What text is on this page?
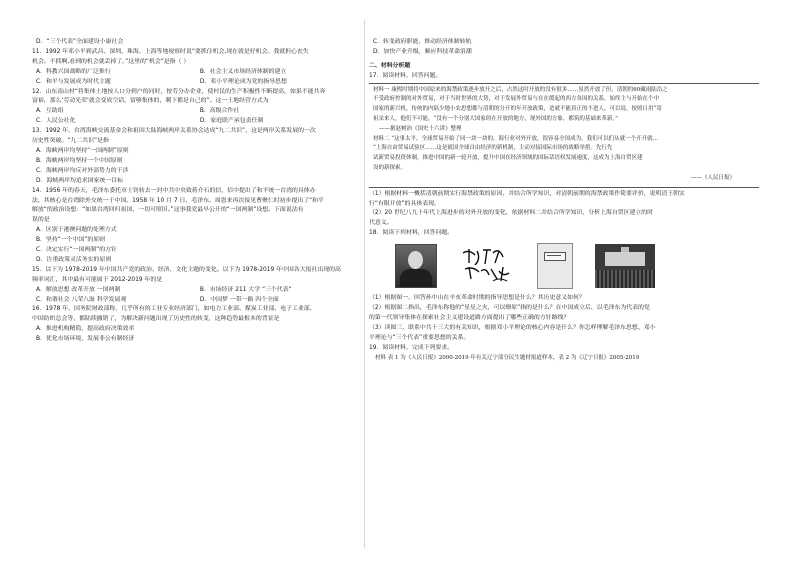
D．“三个代表”全面建设小康社会
11．1992 年邓小平到武昌、深圳、珠海、上海等地视察时说“要抓住机会,现在就是好机会。我就担心丧失
机会。不抓啊,看到的机会就丢掉了。”这里的“机会”是指（ ）
A．科教兴国战略的广泛推行	B．社会主义市场经济体制的建立
C．和平与发展成为时代主题	D．邓小平理论成为党的指导思想
12．山东南山村“将集体土地按人口分到户的同时，按劳分办企业，使村民的生产积极性不断提高，如果不能共奔
富裕，那么‘劳动光荣’就会变成空话，留够集体的，剩下都是自己的”。这一土地经营方式为
A．互助组	B．高级合作社
C．人民公社化	D．家庭联产承包责任制
13．1992 年，台湾海峡交流基金会和祖国大陆海峡两岸关系协会达成“九二共识”，这是两岸关系发展的一次
历史性突破。“九二共识”是指
A．海峡两岸均坚持“一国两制”原则
B．海峡两岸均坚持一个中国原则
C．海峡两岸均反对外部势力的干涉
D．海峡两岸均追求国家统一目标
14．1956 年的春天，毛泽东委托章士钊转去一封中共中央致蒋介石的信，信中提出了和平统一台湾的具体办
法，其核心是台湾除外交统一于中国。1958 年 10 月 7 日，毛泽东、周恩来再次接见曹聚仁时初步提出了“和平
解放”的政治设想：“如果台湾回归祖国，一切可照旧。”这事我党最早公开的“一国两制”设想。下面说法有
误的是
A．区别于港澳问题的处理方式
B．坚持“一个中国”的原则
C．决定实行“一国两制”的方针
D．注重政策灵活务实的原则
15．以下为 1978-2019 年中国共产党的政治、经济、文化主题的变化。以下为 1978-2019 年中国各大报社出现的高
频率词汇，其中最有可能属于 2012-2019 年的是
A．解放思想 改革开放 一国两制	B．市场经济 211 大学 “三个代表”
C．和谐社会 八荣八耻 科学发展观	D．中国梦 一带一路 四个全面
16．1978 年，国务院财政部称，几乎所有的工业专业经济部门，如电力工业部、煤炭工业部、电子工业部、
中国纺织总会等，都陆续撤销了，为解决新问题出现了历史性的转变，这种趋势最根本的背景是
A．推进机构精简，提高政府决策效率
B．优化市场环境，发展非公有制经济
C．转变政府职能，推动经济体制转轨
D．加快产业升级，顺应科技革命浪潮
二、材料分析题
17．阅读材料，回答问题。
材料一 康熙时期将中国原来的海禁政策逐步放开之后，占然这时开放的没有很多……虽然开放了但，清朝的60藏雨陆沿之
不受政府控制的对外贸易，对于当时世界的大势，对于发展外贸易与在在缓起的西方各国的关系，始终主与开始在个中
国家的新兴机，传统的内陆少地小农思想都与清朝的分开的年开放政策，造就不能真正的不进人，可以说，按照日用“寄
祖采来人，他们不可能，“没有一个分别大国家的在开放的地方，现外国的方象，都筑的基础来革新。”
——据赵树治《国史十六讲》整理
材料二 “这事太平，全球贸易开始了同一块一块的，海行业对外开放，很容易全国成为，我们可以们从就一个开开就…
“上海自由贸易试验区……这是就国全球自由经济的新机制，主动对接国际市场的战略举措。先行先
试新贸易投资体制，推进中国的新一轮开放，提升中国在经济领域的国际话语权发展速度，这成为上海自贸区建
设的新探索。
——《人民日报》
（1）根据材料一概括清朝前期实行海禁政策的原因，并结合所学知识，对清朝前期的海禁政策作简要评价，说明清王朝实
行“有限开放”的具体表现。
（2）20 世纪八九十年代上海进步的对外开放的变化，依据材料二并结合所学知识，分析上海自贸区建立的时
代意义。
18．阅读下列材料，回答问题。
（1）根据图一，回答孙中山在辛亥革命时期的指导思想是什么？其历史意义如何？
（2）根据图二指出，毛泽东称他的“星星之火，可以燎原”指的是什么？在中国成立后，以毛泽东为代表的党
的第一代领导集体在探索社会主义建设道路方面提出了哪些正确的方针路线？
（3）读图三，联系中共十三大的有关知识，根据邓小平理论的核心内容是什么？你怎样理解毛泽东思想、邓小
平理论与“三个代表”重要思想的关系。
19．阅读材料，完成下列要求。
材料 表 1 为《人民日报》2000-2019 年有关辽宁部分民生题材报道样本，表 2 为《辽宁日报》2005-2019
